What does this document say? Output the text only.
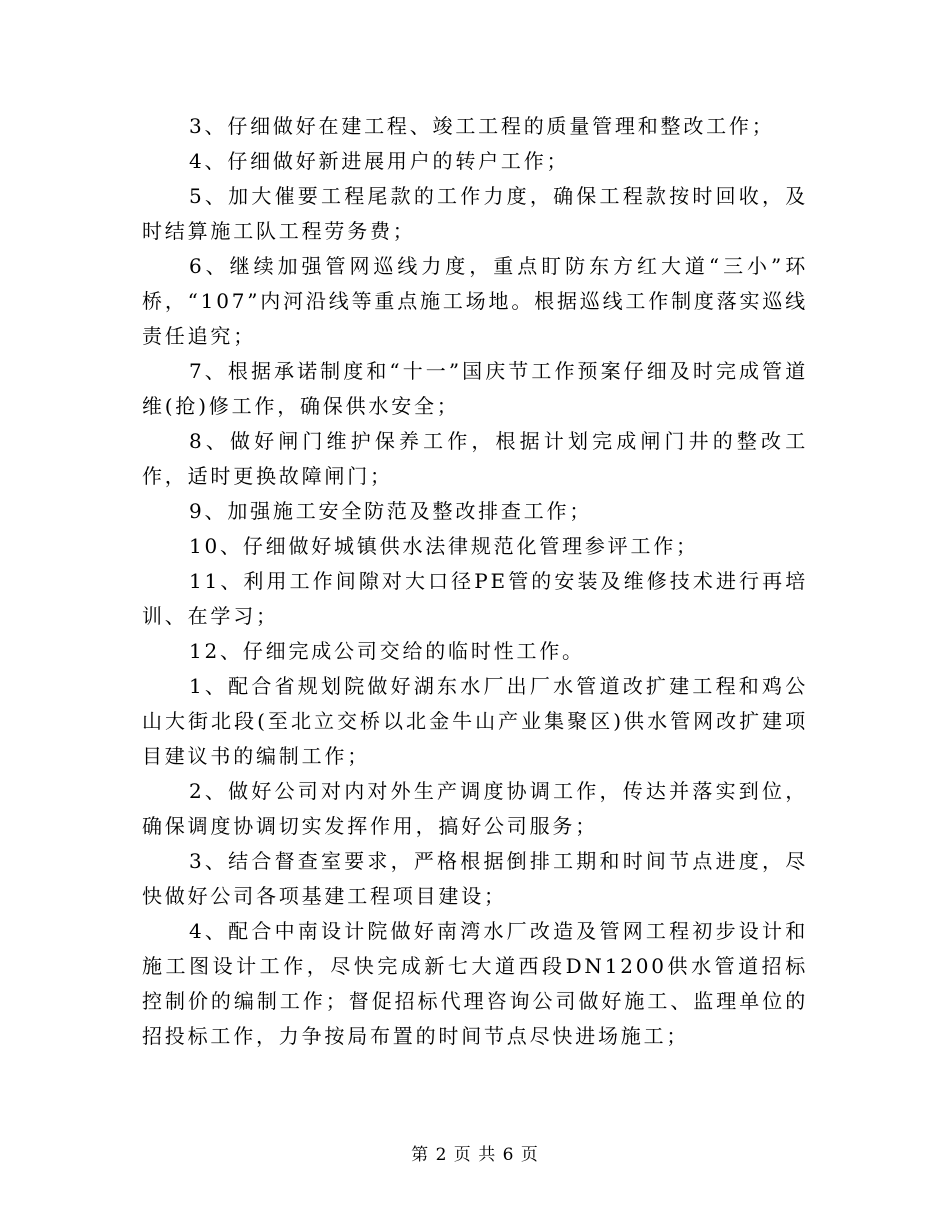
3、仔细做好在建工程、竣工工程的质量管理和整改工作；

4、仔细做好新进展用户的转户工作；

5、加大催要工程尾款的工作力度，确保工程款按时回收，及时结算施工队工程劳务费；

6、继续加强管网巡线力度，重点盯防东方红大道“三小”环桥，“107”内河沿线等重点施工场地。根据巡线工作制度落实巡线责任追究；

7、根据承诺制度和“十一”国庆节工作预案仔细及时完成管道维(抢)修工作，确保供水安全；

8、做好闸门维护保养工作，根据计划完成闸门井的整改工作，适时更换故障闸门；

9、加强施工安全防范及整改排查工作；

10、仔细做好城镇供水法律规范化管理参评工作；

11、利用工作间隙对大口径PE管的安装及维修技术进行再培训、在学习；

12、仔细完成公司交给的临时性工作。

1、配合省规划院做好湖东水厂出厂水管道改扩建工程和鸡公山大街北段(至北立交桥以北金牛山产业集聚区)供水管网改扩建项目建议书的编制工作；

2、做好公司对内对外生产调度协调工作，传达并落实到位，确保调度协调切实发挥作用，搞好公司服务；

3、结合督查室要求，严格根据倒排工期和时间节点进度，尽快做好公司各项基建工程项目建设；

4、配合中南设计院做好南湾水厂改造及管网工程初步设计和施工图设计工作，尽快完成新七大道西段DN1200供水管道招标控制价的编制工作；督促招标代理咨询公司做好施工、监理单位的招投标工作，力争按局布置的时间节点尽快进场施工；

第 2 页 共 6 页
